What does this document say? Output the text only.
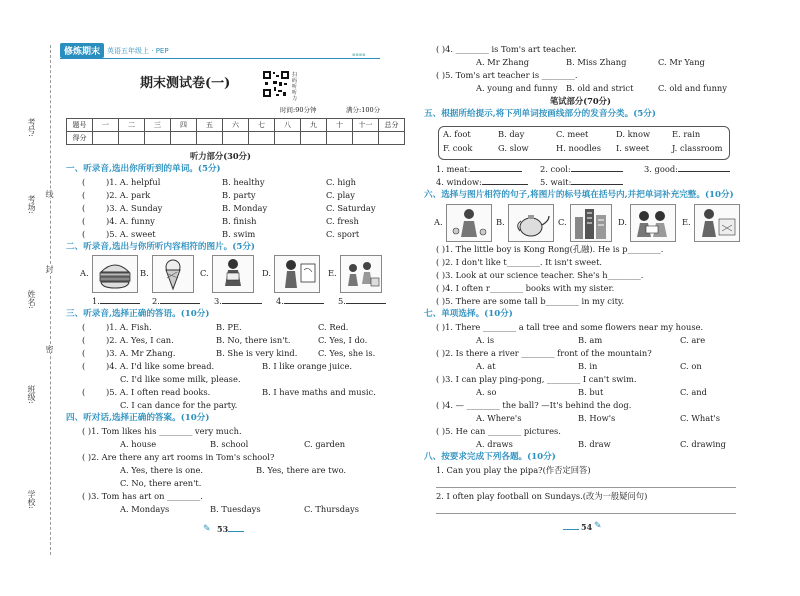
考号:
考场:
姓名:
班级:
学校:
线
封
密
修炼期末	英语五年级上 · PEP
▪▪▪▪
期末测试卷(一)
扫码听听力
时间:90分钟	满分:100分
题号	一	二	三	四	五	六	七	八	九	十	十一	总分
得分												
听力部分(30分)
一、听录音,选出你所听到的单词。(5分)
(	)1. A. helpful	B. healthy	C. high
(	)2. A. park	B. party	C. play
(	)3. A. Sunday	B. Monday	C. Saturday
(	)4. A. funny	B. finish	C. fresh
(	)5. A. sweet	B. swim	C. sport
二、听录音,选出与你所听内容相符的图片。(5分)
A.	B.	C.	D.	E.
1.	2.	3.	4.	5.
三、听录音,选择正确的答语。(10分)
(	)1. A. Fish.	B. PE.	C. Red.
(	)2. A. Yes, I can.	B. No, there isn't.	C. Yes, I do.
(	)3. A. Mr Zhang.	B. She is very kind. C. Yes, she is.
(	)4. A. I'd like some bread.	B. I like orange juice.
C. I'd like some milk, please.
(	)5. A. I often read books.	B. I have maths and music.
C. I can dance for the party.
四、听对话,选择正确的答案。(10分)
( )1. Tom likes his ________ very much.
A. house	B. school	C. garden
( )2. Are there any art rooms in Tom's school?
A. Yes, there is one.	B. Yes, there are two.
C. No, there aren't.
( )3. Tom has art on ________.
A. Mondays	B. Tuesdays	C. Thursdays
✎ 53
( )4. ________ is Tom's art teacher.
A. Mr Zhang	B. Miss Zhang	C. Mr Yang
( )5. Tom's art teacher is ________.
A. young and funny B. old and strict	C. old and funny
笔试部分(70分)
五、根据所给提示,将下列单词按画线部分的发音分类。(5分)
A. foot	B. day	C. meet	D. know	E. rain
F. cook	G. slow	H. noodles I. sweet	J. classroom
1. meat:	2. cool:	3. good:
4. window:	5. wait:
六、选择与图片相符的句子,将图片的标号填在括号内,并把单词补充完整。(10分)
A.	B.	C.	D.	E.
( )1. The little boy is Kong Rong(孔融). He is p________.
( )2. I don't like t________. It isn't sweet.
( )3. Look at our science teacher. She's h________.
( )4. I often r________ books with my sister.
( )5. There are some tall b________ in my city.
七、单项选择。(10分)
( )1. There ________ a tall tree and some flowers near my house.
A. is	B. am	C. are
( )2. Is there a river ________ front of the mountain?
A. at	B. in	C. on
( )3. I can play ping-pong, ________ I can't swim.
A. so	B. but	C. and
( )4. — ________ the ball? —It's behind the dog.
A. Where's	B. How's	C. What's
( )5. He can ________ pictures.
A. draws	B. draw	C. drawing
八、按要求完成下列各题。(10分)
1. Can you play the pipa?(作否定回答)
2. I often play football on Sundays.(改为一般疑问句)
54 ✎
